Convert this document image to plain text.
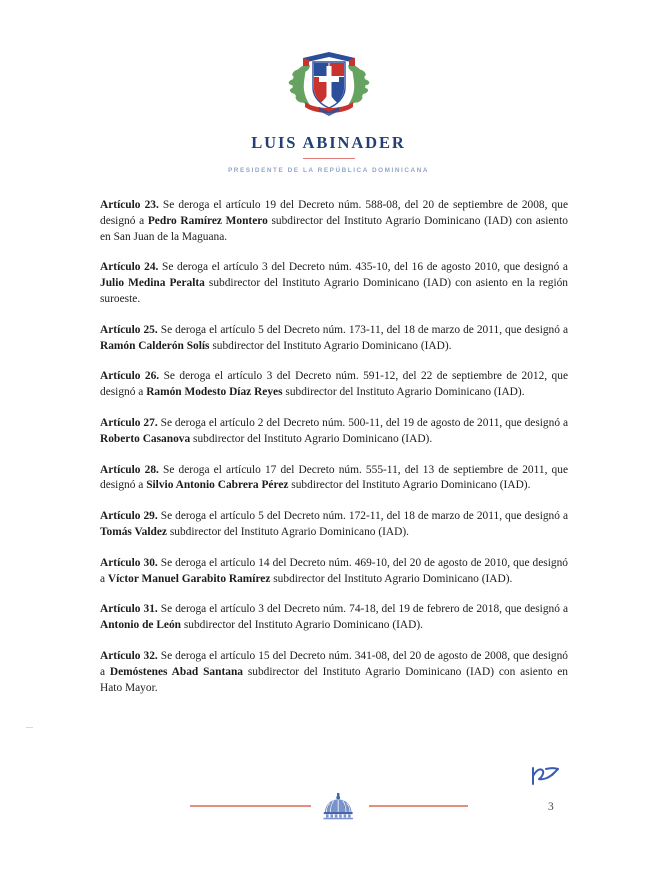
LUIS ABINADER
PRESIDENTE DE LA REPÚBLICA DOMINICANA

Artículo 23. Se deroga el artículo 19 del Decreto núm. 588-08, del 20 de septiembre de 2008, que designó a Pedro Ramírez Montero subdirector del Instituto Agrario Dominicano (IAD) con asiento en San Juan de la Maguana.

Artículo 24. Se deroga el artículo 3 del Decreto núm. 435-10, del 16 de agosto 2010, que designó a Julio Medina Peralta subdirector del Instituto Agrario Dominicano (IAD) con asiento en la región suroeste.

Artículo 25. Se deroga el artículo 5 del Decreto núm. 173-11, del 18 de marzo de 2011, que designó a Ramón Calderón Solís subdirector del Instituto Agrario Dominicano (IAD).

Artículo 26. Se deroga el artículo 3 del Decreto núm. 591-12, del 22 de septiembre de 2012, que designó a Ramón Modesto Díaz Reyes subdirector del Instituto Agrario Dominicano (IAD).

Artículo 27. Se deroga el artículo 2 del Decreto núm. 500-11, del 19 de agosto de 2011, que designó a Roberto Casanova subdirector del Instituto Agrario Dominicano (IAD).

Artículo 28. Se deroga el artículo 17 del Decreto núm. 555-11, del 13 de septiembre de 2011, que designó a Silvio Antonio Cabrera Pérez subdirector del Instituto Agrario Dominicano (IAD).

Artículo 29. Se deroga el artículo 5 del Decreto núm. 172-11, del 18 de marzo de 2011, que designó a Tomás Valdez subdirector del Instituto Agrario Dominicano (IAD).

Artículo 30. Se deroga el artículo 14 del Decreto núm. 469-10, del 20 de agosto de 2010, que designó a Víctor Manuel Garabito Ramírez subdirector del Instituto Agrario Dominicano (IAD).

Artículo 31. Se deroga el artículo 3 del Decreto núm. 74-18, del 19 de febrero de 2018, que designó a Antonio de León subdirector del Instituto Agrario Dominicano (IAD).

Artículo 32. Se deroga el artículo 15 del Decreto núm. 341-08, del 20 de agosto de 2008, que designó a Demóstenes Abad Santana subdirector del Instituto Agrario Dominicano (IAD) con asiento en Hato Mayor.

3
